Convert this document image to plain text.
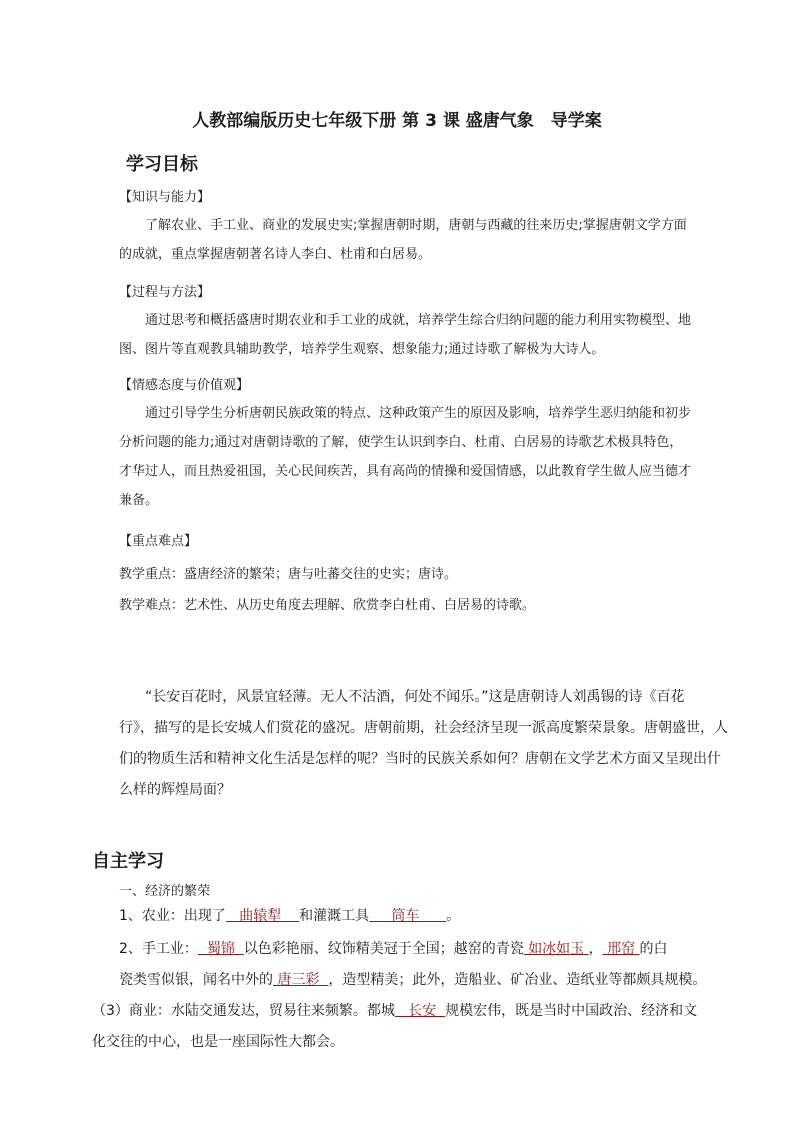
人教部编版历史七年级下册 第 3 课 盛唐气象　导学案
学习目标
【知识与能力】
了解农业、手工业、商业的发展史实;掌握唐朝时期，唐朝与西藏的往来历史;掌握唐朝文学方面
的成就，重点掌握唐朝著名诗人李白、杜甫和白居易。
【过程与方法】
通过思考和概括盛唐时期农业和手工业的成就，培养学生综合归纳问题的能力利用实物模型、地
图、图片等直观教具辅助教学，培养学生观察、想象能力;通过诗歌了解极为大诗人。
【情感态度与价值观】
通过引导学生分析唐朝民族政策的特点、这种政策产生的原因及影响，培养学生恶归纳能和初步
分析问题的能力;通过对唐朝诗歌的了解，使学生认识到李白、杜甫、白居易的诗歌艺术极具特色，
才华过人，而且热爱祖国，关心民间疾苦，具有高尚的情操和爱国情感，以此教育学生做人应当德才
兼备。
【重点难点】
教学重点：盛唐经济的繁荣；唐与吐蕃交往的史实；唐诗。
教学难点：艺术性、从历史角度去理解、欣赏李白杜甫、白居易的诗歌。
“长安百花时，风景宜轻薄。无人不沽酒，何处不闻乐。”这是唐朝诗人刘禹锡的诗《百花
行》，描写的是长安城人们赏花的盛况。唐朝前期，社会经济呈现一派高度繁荣景象。唐朝盛世，人
们的物质生活和精神文化生活是怎样的呢？当时的民族关系如何？唐朝在文学艺术方面又呈现出什
么样的辉煌局面？
自主学习
一、经济的繁荣
1、农业：出现了 曲辕犁 和灌溉工具 筒车 。
2、手工业： 蜀锦 以色彩艳丽、纹饰精美冠于全国；越窑的青瓷 如冰如玉 ， 邢窑 的白
瓷类雪似银，闻名中外的 唐三彩 ，造型精美；此外，造船业、矿冶业、造纸业等都颇具规模。
（3）商业：水陆交通发达，贸易往来频繁。都城 长安 规模宏伟，既是当时中国政治、经济和文
化交往的中心，也是一座国际性大都会。
